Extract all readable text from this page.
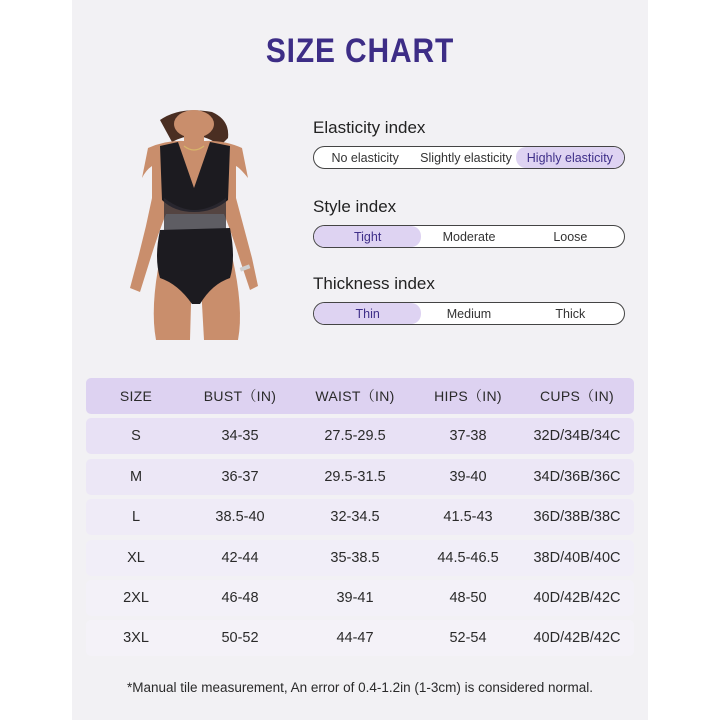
SIZE CHART
Elasticity index
No elasticity	Slightly elasticity	Highly elasticity
Style index
Tight	Moderate	Loose
Thickness index
Thin	Medium	Thick
SIZE	BUST（IN)	WAIST（IN)	HIPS（IN)	CUPS（IN)
S	34-35	27.5-29.5	37-38	32D/34B/34C
M	36-37	29.5-31.5	39-40	34D/36B/36C
L	38.5-40	32-34.5	41.5-43	36D/38B/38C
XL	42-44	35-38.5	44.5-46.5	38D/40B/40C
2XL	46-48	39-41	48-50	40D/42B/42C
3XL	50-52	44-47	52-54	40D/42B/42C
*Manual tile measurement, An error of 0.4-1.2in (1-3cm) is considered normal.
